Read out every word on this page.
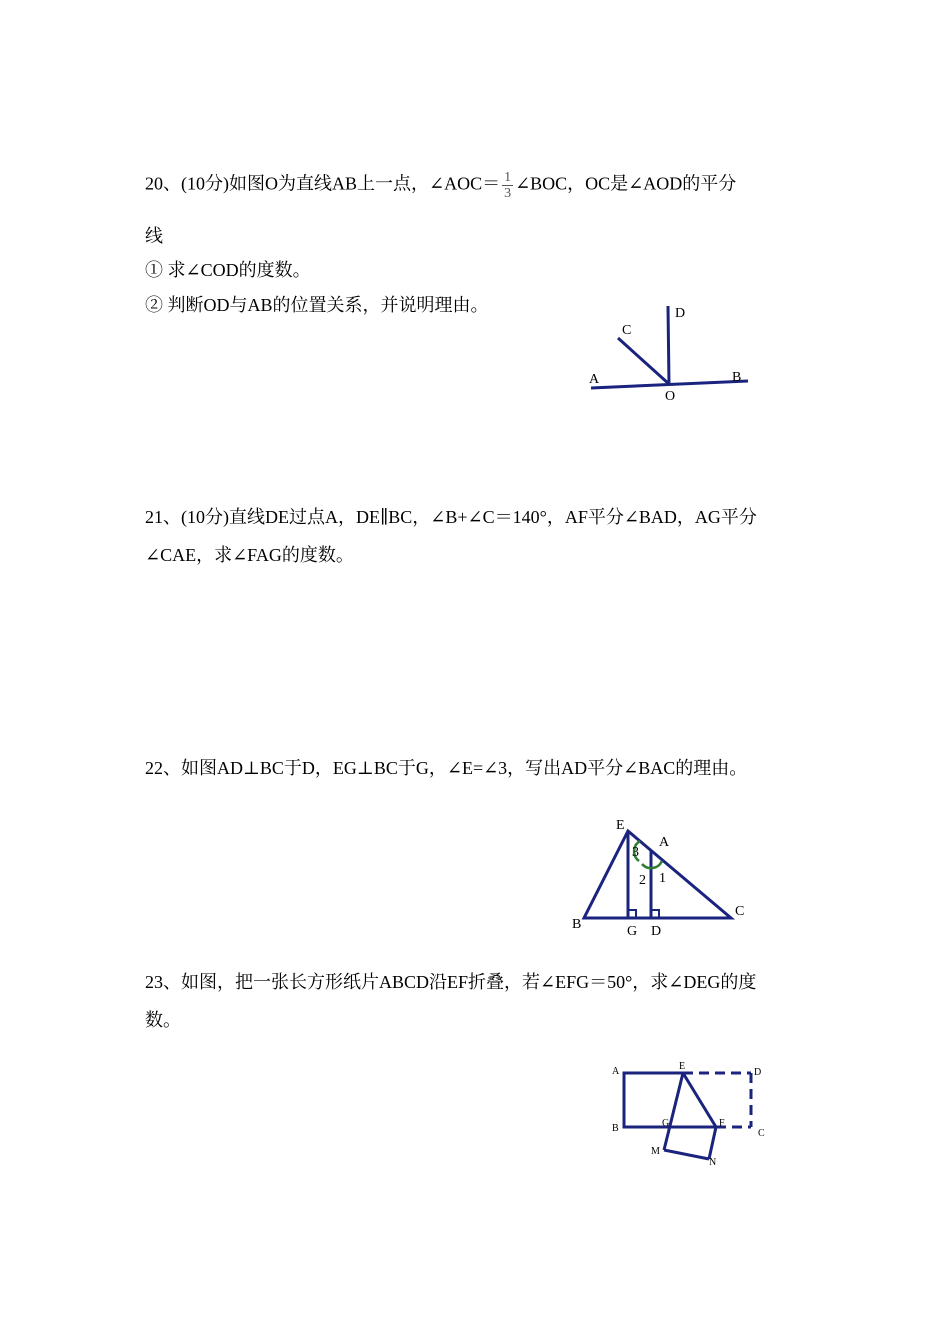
20、(10分)如图O为直线AB上一点，∠AOC＝ $\frac{1}{3}$ ∠BOC，OC是∠AOD的平分
线
① 求∠COD的度数。
② 判断OD与AB的位置关系，并说明理由。
A	B
C
D
O
21、(10分)直线DE过点A，DE∥BC，∠B+∠C＝140°，AF平分∠BAD，AG平分
∠CAE，求∠FAG的度数。
22、如图AD⊥BC于D，EG⊥BC于G，∠E=∠3，写出AD平分∠BAC的理由。
E
A
3
2 1
B
C
G D
23、如图，把一张长方形纸片ABCD沿EF折叠，若∠EFG＝50°，求∠DEG的度
数。
A	E
D
B	G	F
C
M
N
